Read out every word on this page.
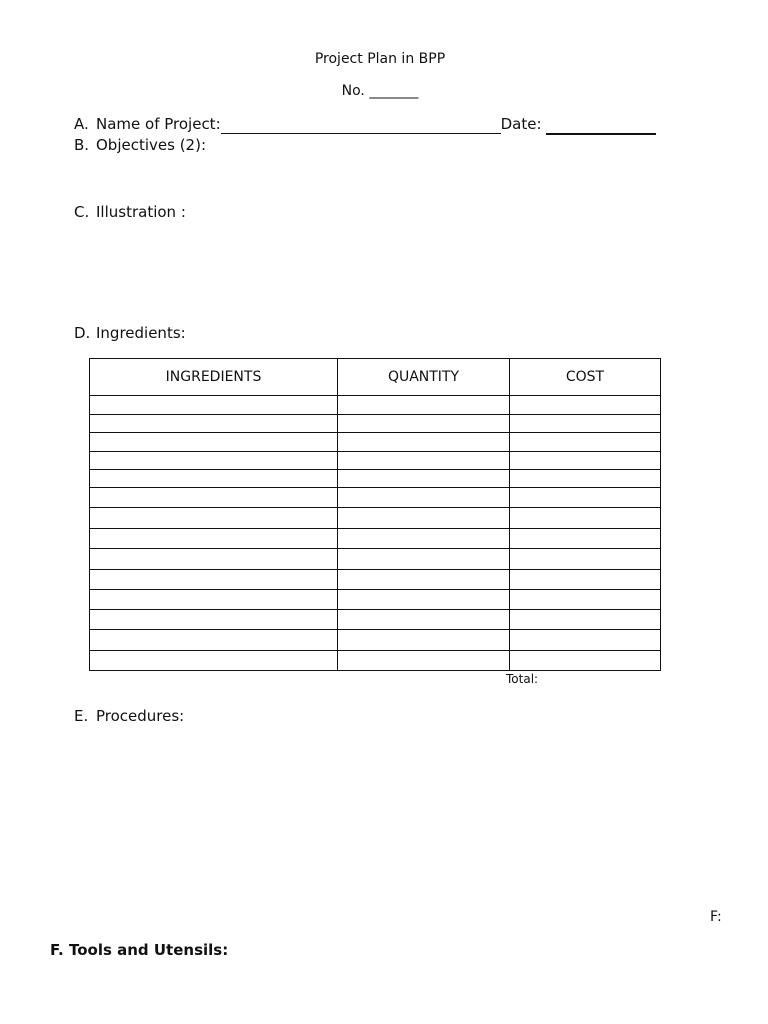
Project Plan in BPP
No. _______
A. Name of Project:	Date:
B. Objectives (2):
C. Illustration :
D. Ingredients:
INGREDIENTS	QUANTITY	COST

Total:
E. Procedures:
F:
F. Tools and Utensils:
